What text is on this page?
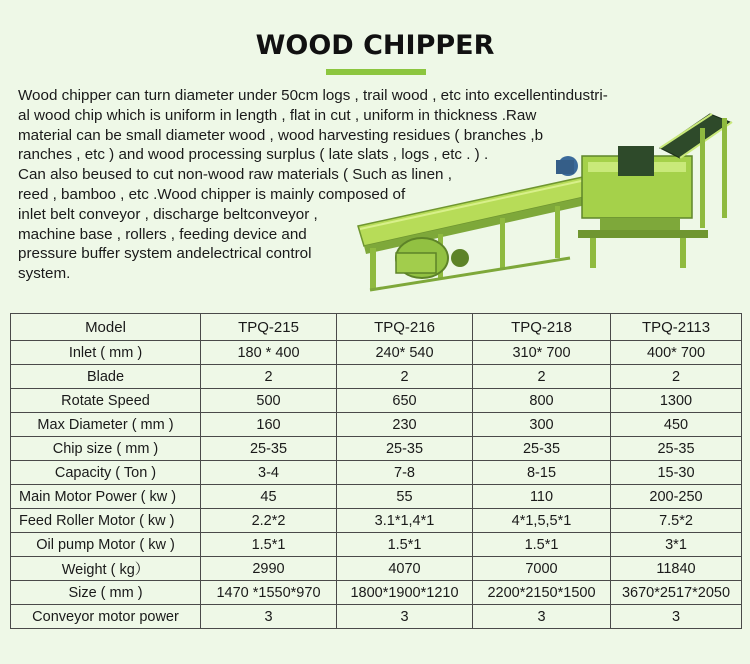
WOOD CHIPPER
Wood chipper can turn diameter under 50cm logs , trail wood , etc into excellentindustri-
al wood chip which is uniform in length , flat in cut , uniform in thickness .Raw
material can be small diameter wood , wood harvesting residues ( branches ,b
ranches , etc ) and wood processing surplus ( late slats , logs , etc . ) .
Can also beused to cut non-wood raw materials ( Such as linen ,
reed , bamboo , etc .Wood chipper is mainly composed of
inlet belt conveyor , discharge beltconveyor ,
machine base , rollers , feeding device and
pressure buffer system andelectrical control
system.
Model	TPQ-215	TPQ-216	TPQ-218	TPQ-2113
Inlet ( mm )	180 * 400	240* 540	310* 700	400* 700
Blade	2	2	2	2
Rotate Speed	500	650	800	1300
Max Diameter ( mm )	160	230	300	450
Chip size ( mm )	25-35	25-35	25-35	25-35
Capacity ( Ton )	3-4	7-8	8-15	15-30
Main Motor Power ( kw )	45	55	110	200-250
Feed Roller Motor ( kw )	2.2*2	3.1*1,4*1	4*1,5,5*1	7.5*2
Oil pump Motor ( kw )	1.5*1	1.5*1	1.5*1	3*1
Weight ( kg）	2990	4070	7000	11840
Size ( mm )	1470 *1550*970	1800*1900*1210	2200*2150*1500	3670*2517*2050
Conveyor motor power	3	3	3	3
